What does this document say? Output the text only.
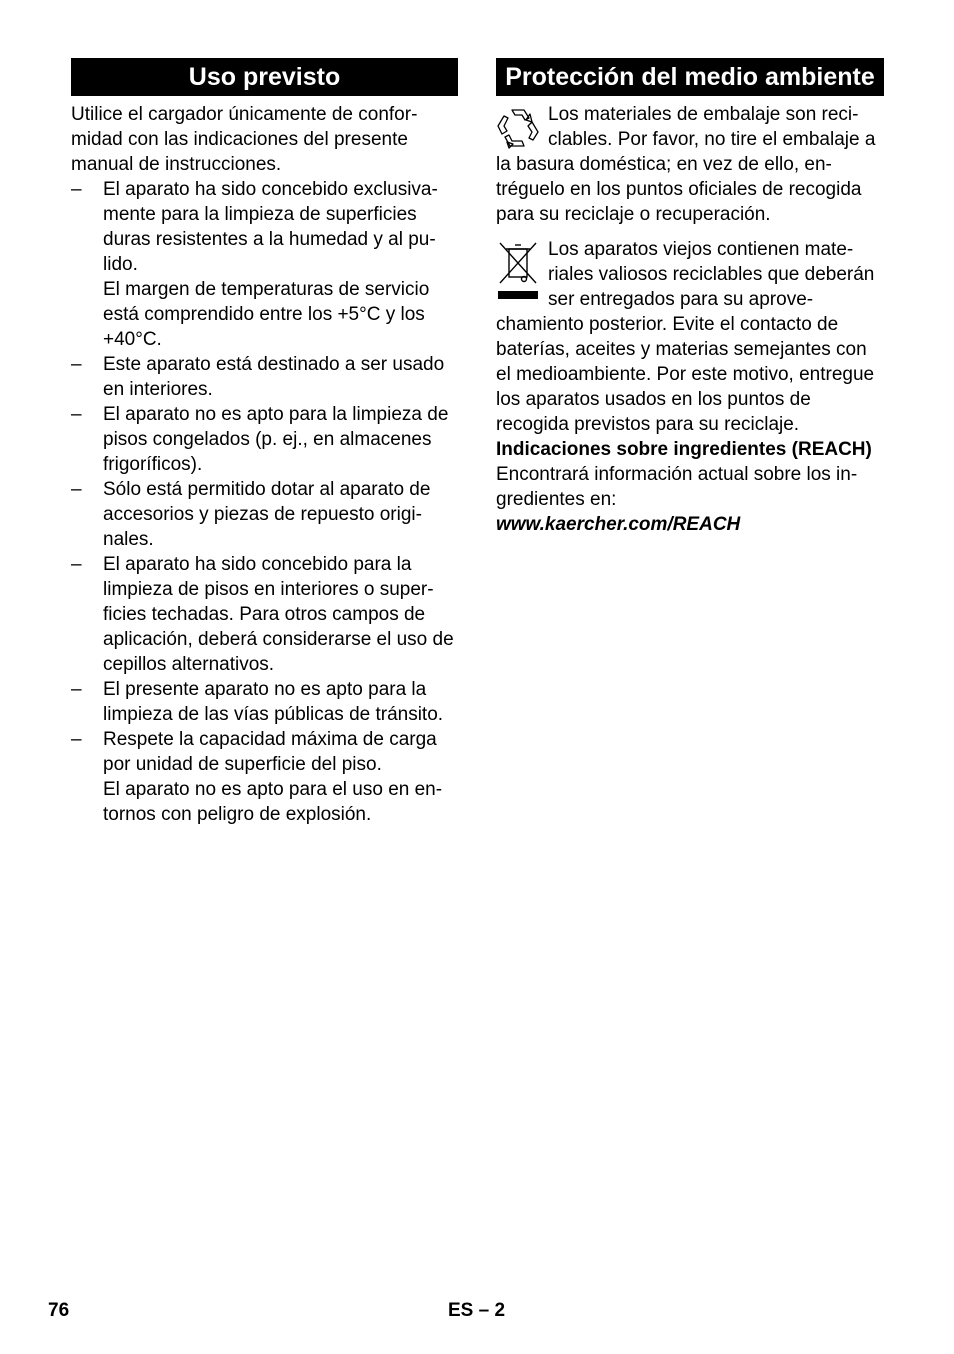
Uso previsto

Utilice el cargador únicamente de conformidad con las indicaciones del presente manual de instrucciones.

– El aparato ha sido concebido exclusivamente para la limpieza de superficies duras resistentes a la humedad y al pulido.

El margen de temperaturas de servicio está comprendido entre los +5°C y los +40°C.

– Este aparato está destinado a ser usado en interiores.

– El aparato no es apto para la limpieza de pisos congelados (p. ej., en almacenes frigoríficos).

– Sólo está permitido dotar al aparato de accesorios y piezas de repuesto originales.

– El aparato ha sido concebido para la limpieza de pisos en interiores o superficies techadas. Para otros campos de aplicación, deberá considerarse el uso de cepillos alternativos.

– El presente aparato no es apto para la limpieza de las vías públicas de tránsito.

– Respete la capacidad máxima de carga por unidad de superficie del piso.

El aparato no es apto para el uso en entornos con peligro de explosión.

Protección del medio ambiente

Los materiales de embalaje son reciclables. Por favor, no tire el embalaje a la basura doméstica; en vez de ello, entréguelo en los puntos oficiales de recogida para su reciclaje o recuperación.

Los aparatos viejos contienen materiales valiosos reciclables que deberán ser entregados para su aprovechamiento posterior. Evite el contacto de baterías, aceites y materias semejantes con el medioambiente. Por este motivo, entregue los aparatos usados en los puntos de recogida previstos para su reciclaje.

Indicaciones sobre ingredientes (REACH)

Encontrará información actual sobre los ingredientes en:

www.kaercher.com/REACH

76	ES – 2
